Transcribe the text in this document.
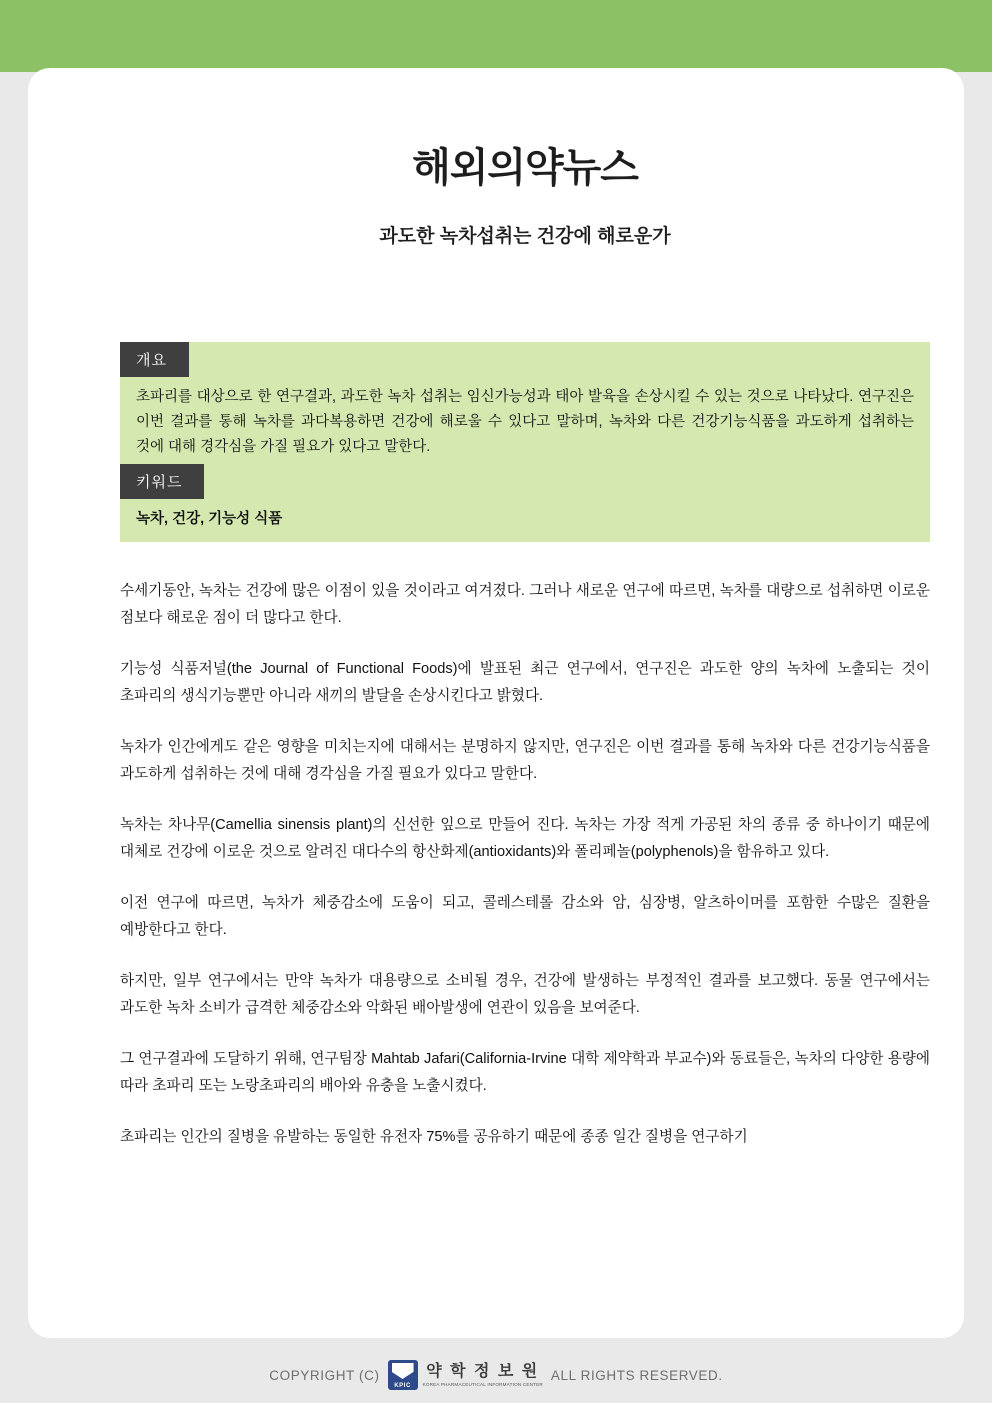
해외의약뉴스
과도한 녹차섭취는 건강에 해로운가
개요
초파리를 대상으로 한 연구결과, 과도한 녹차 섭취는 임신가능성과 태아 발육을 손상시킬 수 있는 것으로 나타났다. 연구진은 이번 결과를 통해 녹차를 과다복용하면 건강에 해로울 수 있다고 말하며, 녹차와 다른 건강기능식품을 과도하게 섭취하는 것에 대해 경각심을 가질 필요가 있다고 말한다.
키워드
녹차, 건강, 기능성 식품

수세기동안, 녹차는 건강에 많은 이점이 있을 것이라고 여겨졌다. 그러나 새로운 연구에 따르면, 녹차를 대량으로 섭취하면 이로운 점보다 해로운 점이 더 많다고 한다.

기능성 식품저널(the Journal of Functional Foods)에 발표된 최근 연구에서, 연구진은 과도한 양의 녹차에 노출되는 것이 초파리의 생식기능뿐만 아니라 새끼의 발달을 손상시킨다고 밝혔다.

녹차가 인간에게도 같은 영향을 미치는지에 대해서는 분명하지 않지만, 연구진은 이번 결과를 통해 녹차와 다른 건강기능식품을 과도하게 섭취하는 것에 대해 경각심을 가질 필요가 있다고 말한다.

녹차는 차나무(Camellia sinensis plant)의 신선한 잎으로 만들어 진다. 녹차는 가장 적게 가공된 차의 종류 중 하나이기 때문에 대체로 건강에 이로운 것으로 알려진 대다수의 항산화제(antioxidants)와 폴리페놀(polyphenols)을 함유하고 있다.

이전 연구에 따르면, 녹차가 체중감소에 도움이 되고, 콜레스테롤 감소와 암, 심장병, 알츠하이머를 포함한 수많은 질환을 예방한다고 한다.

하지만, 일부 연구에서는 만약 녹차가 대용량으로 소비될 경우, 건강에 발생하는 부정적인 결과를 보고했다. 동물 연구에서는 과도한 녹차 소비가 급격한 체중감소와 악화된 배아발생에 연관이 있음을 보여준다.

그 연구결과에 도달하기 위해, 연구팀장 Mahtab Jafari(California-Irvine 대학 제약학과 부교수)와 동료들은, 녹차의 다양한 용량에 따라 초파리 또는 노랑초파리의 배아와 유충을 노출시켰다.

초파리는 인간의 질병을 유발하는 동일한 유전자 75%를 공유하기 때문에 종종 일간 질병을 연구하기

COPYRIGHT (C)
KPIC
약 학 정 보 원
KOREA PHARMACEUTICAL INFORMATION CENTER
ALL RIGHTS RESERVED.
